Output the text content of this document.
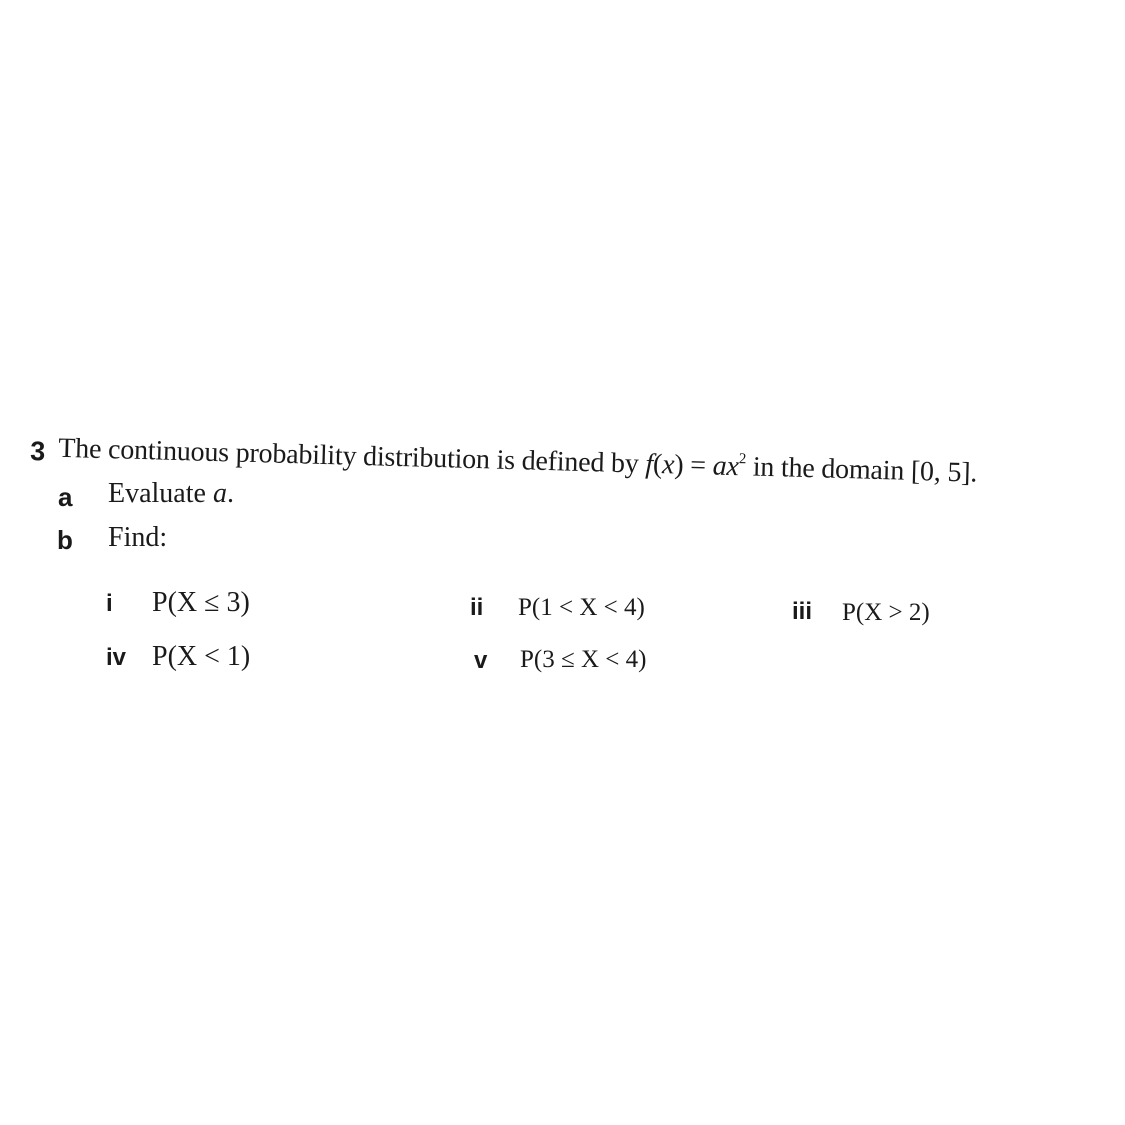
3 The continuous probability distribution is defined by $f(x) = ax^2$ in the domain [0, 5].
a Evaluate a.
b Find:
i P(X ≤ 3)	ii P(1 < X < 4)	iii P(X > 2)
iv P(X < 1)	v P(3 ≤ X < 4)
